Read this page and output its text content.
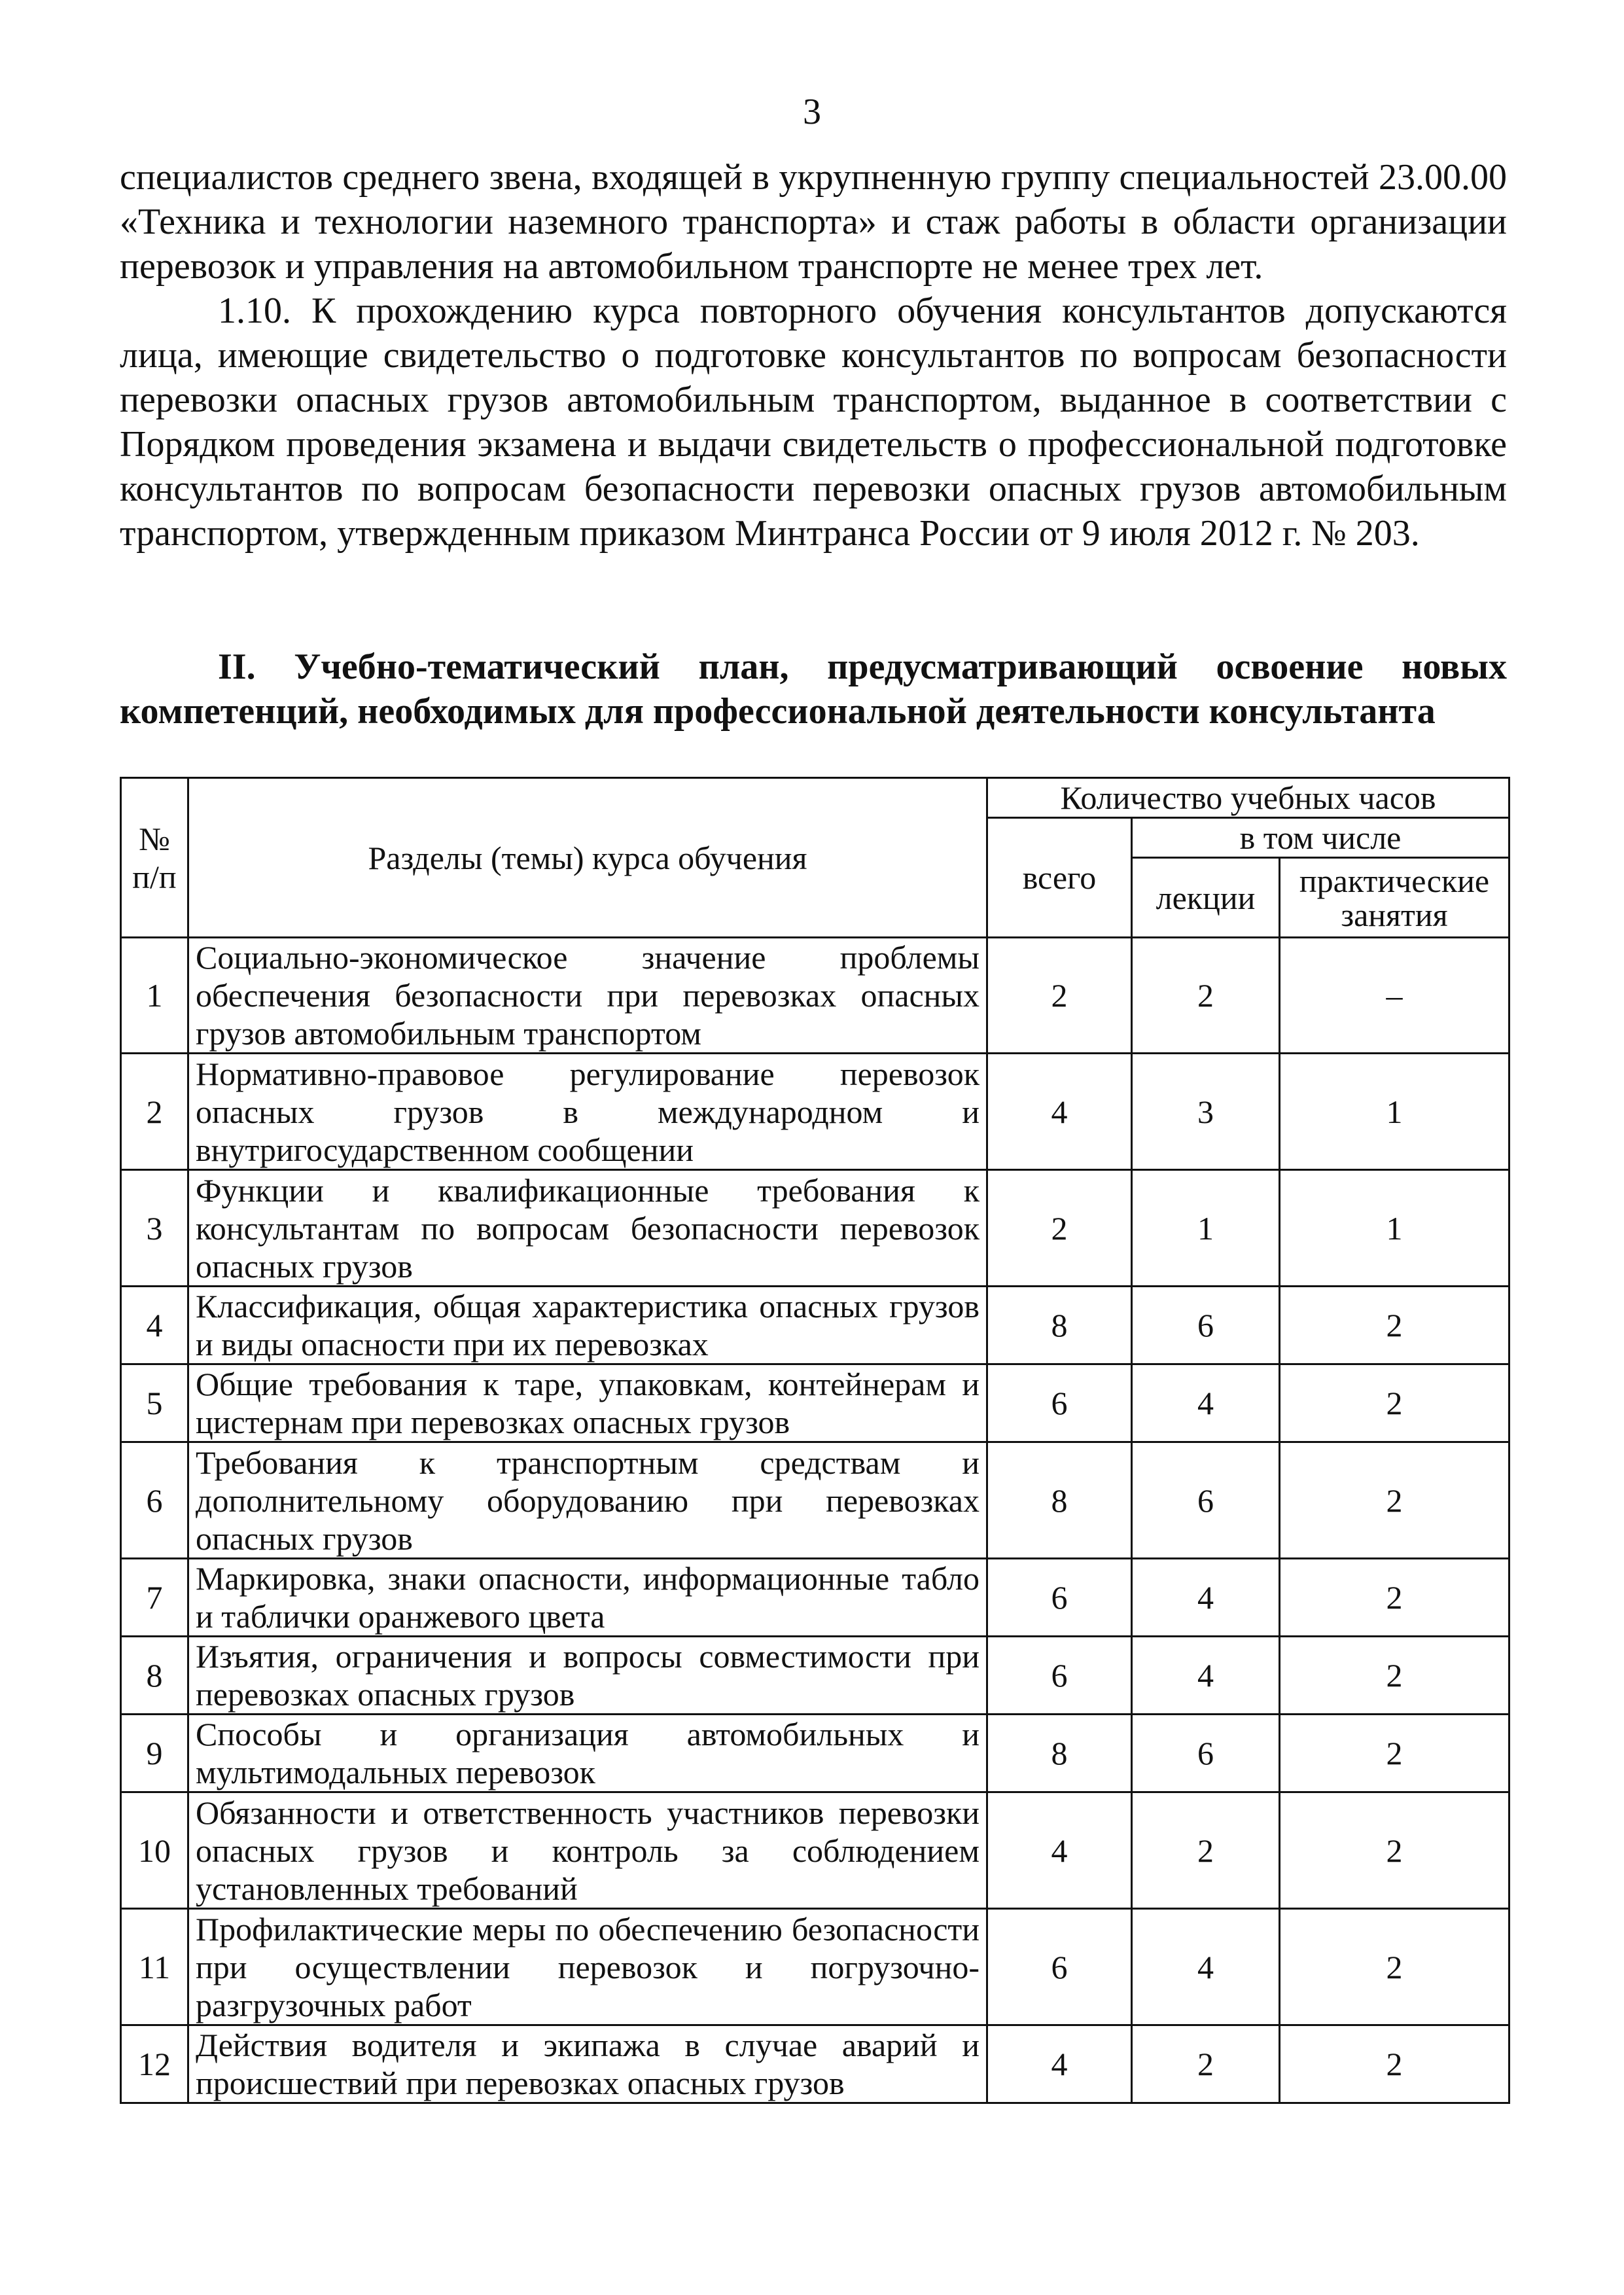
3

специалистов среднего звена, входящей в укрупненную группу специальностей 23.00.00 «Техника и технологии наземного транспорта» и стаж работы в области организации перевозок и управления на автомобильном транспорте не менее трех лет.

1.10. К прохождению курса повторного обучения консультантов допускаются лица, имеющие свидетельство о подготовке консультантов по вопросам безопасности перевозки опасных грузов автомобильным транспортом, выданное в соответствии с Порядком проведения экзамена и выдачи свидетельств о профессиональной подготовке консультантов по вопросам безопасности перевозки опасных грузов автомобильным транспортом, утвержденным приказом Минтранса России от 9 июля 2012 г. № 203.

II. Учебно-тематический план, предусматривающий освоение новых компетенций, необходимых для профессиональной деятельности консультанта
№ п/п	Разделы (темы) курса обучения	Количество учебных часов		
		всего	в том числе	
			лекции	практические занятия
1	Социально-экономическое значение проблемы обеспечения безопасности при перевозках опасных грузов автомобильным транспортом	2	2	–
2	Нормативно-правовое регулирование перевозок опасных грузов в международном и внутригосударственном сообщении	4	3	1
3	Функции и квалификационные требования к консультантам по вопросам безопасности перевозок опасных грузов	2	1	1
4	Классификация, общая характеристика опасных грузов и виды опасности при их перевозках	8	6	2
5	Общие требования к таре, упаковкам, контейнерам и цистернам при перевозках опасных грузов	6	4	2
6	Требования к транспортным средствам и дополнительному оборудованию при перевозках опасных грузов	8	6	2
7	Маркировка, знаки опасности, информационные табло и таблички оранжевого цвета	6	4	2
8	Изъятия, ограничения и вопросы совместимости при перевозках опасных грузов	6	4	2
9	Способы и организация автомобильных и мультимодальных перевозок	8	6	2
10	Обязанности и ответственность участников перевозки опасных грузов и контроль за соблюдением установленных требований	4	2	2
11	Профилактические меры по обеспечению безопасности при осуществлении перевозок и погрузочно-разгрузочных работ	6	4	2
12	Действия водителя и экипажа в случае аварий и происшествий при перевозках опасных грузов	4	2	2
